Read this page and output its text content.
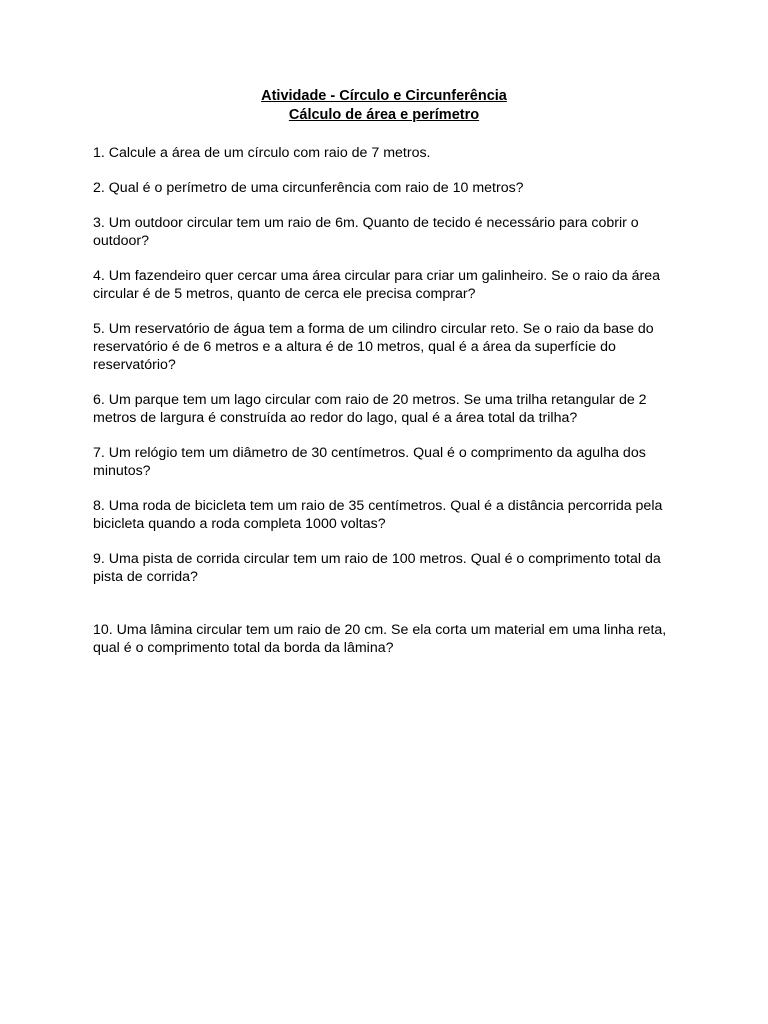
Atividade - Círculo e Circunferência

Cálculo de área e perímetro

1. Calcule a área de um círculo com raio de 7 metros.

2. Qual é o perímetro de uma circunferência com raio de 10 metros?

3. Um outdoor circular tem um raio de 6m. Quanto de tecido é necessário para cobrir o outdoor?

4. Um fazendeiro quer cercar uma área circular para criar um galinheiro. Se o raio da área circular é de 5 metros, quanto de cerca ele precisa comprar?

5. Um reservatório de água tem a forma de um cilindro circular reto. Se o raio da base do reservatório é de 6 metros e a altura é de 10 metros, qual é a área da superfície do reservatório?

6. Um parque tem um lago circular com raio de 20 metros. Se uma trilha retangular de 2 metros de largura é construída ao redor do lago, qual é a área total da trilha?

7. Um relógio tem um diâmetro de 30 centímetros. Qual é o comprimento da agulha dos minutos?

8. Uma roda de bicicleta tem um raio de 35 centímetros. Qual é a distância percorrida pela bicicleta quando a roda completa 1000 voltas?

9. Uma pista de corrida circular tem um raio de 100 metros. Qual é o comprimento total da pista de corrida?

10. Uma lâmina circular tem um raio de 20 cm. Se ela corta um material em uma linha reta, qual é o comprimento total da borda da lâmina?
